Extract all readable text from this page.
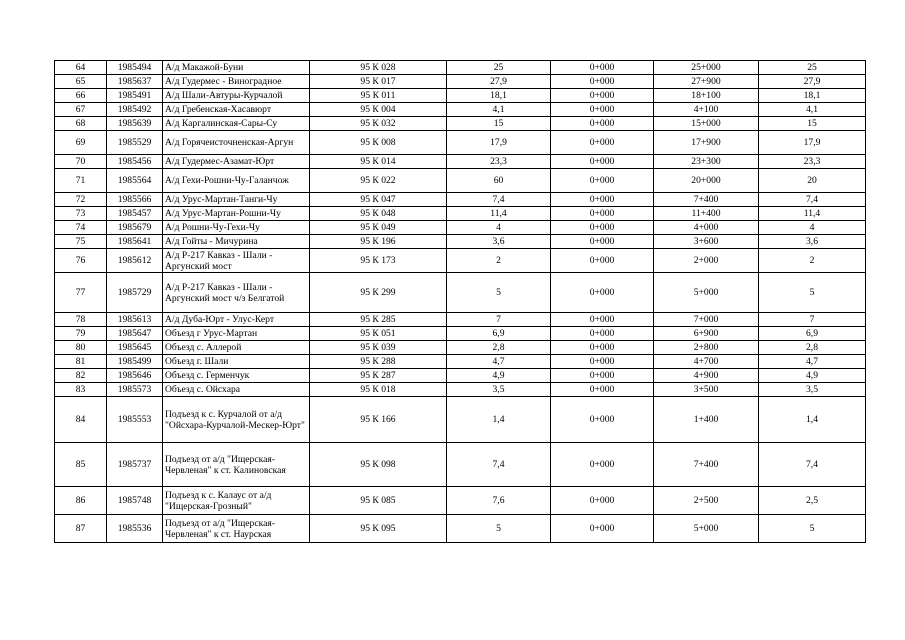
64	1985494	А/д Макажой-Буни	95 К 028	25	0+000	25+000	25
65	1985637	А/д Гудермес - Виноградное	95 К 017	27,9	0+000	27+900	27,9
66	1985491	А/д Шали-Автуры-Курчалой	95 К 011	18,1	0+000	18+100	18,1
67	1985492	А/д Гребенская-Хасавюрт	95 К 004	4,1	0+000	4+100	4,1
68	1985639	А/д Каргалинская-Сары-Су	95 К 032	15	0+000	15+000	15
69	1985529	А/д Горячеисточненская-Аргун	95 К 008	17,9	0+000	17+900	17,9
70	1985456	А/д Гудермес-Азамат-Юрт	95 К 014	23,3	0+000	23+300	23,3
71	1985564	А/д Гехи-Рошни-Чу-Галанчож	95 К 022	60	0+000	20+000	20
72	1985566	А/д Урус-Мартан-Танги-Чу	95 К 047	7,4	0+000	7+400	7,4
73	1985457	А/д Урус-Мартан-Рошни-Чу	95 К 048	11,4	0+000	11+400	11,4
74	1985679	А/д Рошни-Чу-Гехи-Чу	95 К 049	4	0+000	4+000	4
75	1985641	А/д Гойты - Мичурина	95 К 196	3,6	0+000	3+600	3,6
76	1985612	А/д Р-217 Кавказ - Шали - Аргунский мост	95 К 173	2	0+000	2+000	2
77	1985729	А/д Р-217 Кавказ - Шали - Аргунский мост ч/з Белгатой	95 К 299	5	0+000	5+000	5
78	1985613	А/д Дуба-Юрт - Улус-Керт	95 К 285	7	0+000	7+000	7
79	1985647	Объезд г Урус-Мартан	95 К 051	6,9	0+000	6+900	6,9
80	1985645	Объезд с. Аллерой	95 К 039	2,8	0+000	2+800	2,8
81	1985499	Объезд г. Шали	95 К 288	4,7	0+000	4+700	4,7
82	1985646	Объезд с. Герменчук	95 К 287	4,9	0+000	4+900	4,9
83	1985573	Объезд с. Ойсхара	95 К 018	3,5	0+000	3+500	3,5
84	1985553	Подъезд к с. Курчалой от а/д "Ойсхара-Курчалой-Мескер-Юрт"	95 К 166	1,4	0+000	1+400	1,4
85	1985737	Подъезд от а/д "Ищерская-Червленая" к ст. Калиновская	95 К 098	7,4	0+000	7+400	7,4
86	1985748	Подъезд к с. Калаус от а/д "Ищерская-Грозный"	95 К 085	7,6	0+000	2+500	2,5
87	1985536	Подъезд от а/д "Ищерская-Червленая" к ст. Наурская	95 К 095	5	0+000	5+000	5
